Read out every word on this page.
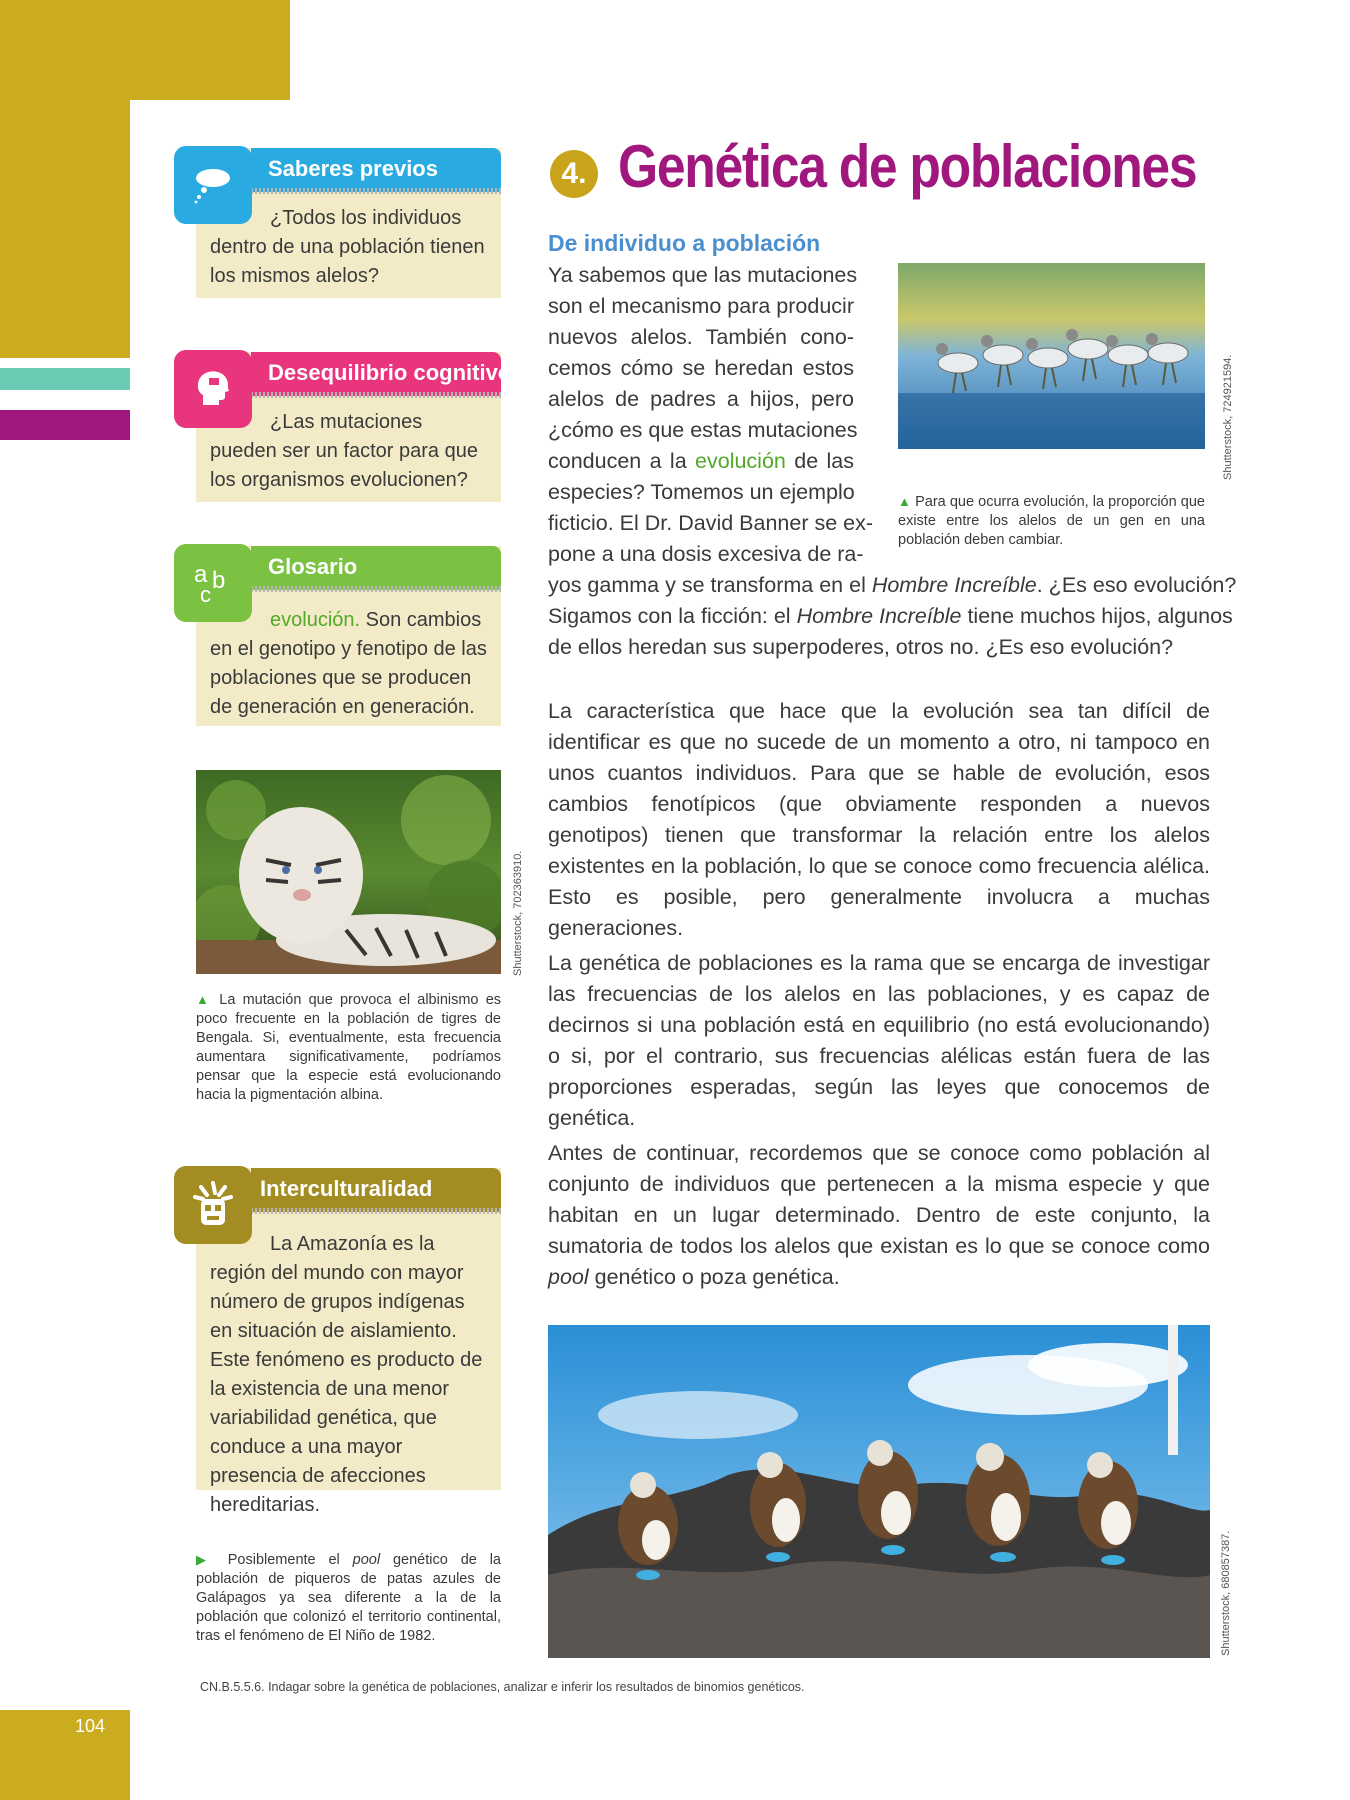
104
Saberes previos
¿Todos los individuos dentro de una población tienen los mismos alelos?
Desequilibrio cognitivo
¿Las mutaciones pueden ser un factor para que los organismos evolucionen?
Glosario
a b
c
evolución. Son cambios en el genotipo y fenotipo de las poblaciones que se producen de generación en generación.
Shutterstock, 702363910.
▲ La mutación que provoca el albinismo es poco frecuente en la población de tigres de Bengala. Si, eventualmente, esta frecuencia aumentara significativamente, podríamos pensar que la especie está evolucionando hacia la pigmentación albina.
Interculturalidad
La Amazonía es la región del mundo con mayor número de grupos indígenas en situación de aislamiento. Este fenómeno es producto de la existencia de una menor variabilidad genética, que conduce a una mayor presencia de afecciones hereditarias.
▶ Posiblemente el pool genético de la población de piqueros de patas azules de Galápagos ya sea diferente a la de la población que colonizó el territorio continental, tras el fenómeno de El Niño de 1982.
4. Genética de poblaciones
De individuo a población
Ya sabemos que las mutaciones
son el mecanismo para producir
nuevos alelos. También cono-
cemos cómo se heredan estos
alelos de padres a hijos, pero
¿cómo es que estas mutaciones
conducen a la evolución de las
especies? Tomemos un ejemplo
ficticio. El Dr. David Banner se ex-
pone a una dosis excesiva de ra-
yos gamma y se transforma en el Hombre Increíble. ¿Es eso evolución?
Sigamos con la ficción: el Hombre Increíble tiene muchos hijos, algunos
de ellos heredan sus superpoderes, otros no. ¿Es eso evolución?
Shutterstock, 724921594.
▲ Para que ocurra evolución, la proporción que existe entre los alelos de un gen en una población deben cambiar.
La característica que hace que la evolución sea tan difícil de identificar es que no sucede de un momento a otro, ni tampoco en unos cuantos individuos. Para que se hable de evolución, esos cambios fenotípicos (que obviamente responden a nuevos genotipos) tienen que transformar la relación entre los alelos existentes en la población, lo que se conoce como frecuencia alélica. Esto es posible, pero generalmente involucra a muchas generaciones.
La genética de poblaciones es la rama que se encarga de investigar las frecuencias de los alelos en las poblaciones, y es capaz de decirnos si una población está en equilibrio (no está evolucionando) o si, por el contrario, sus frecuencias alélicas están fuera de las proporciones esperadas, según las leyes que conocemos de genética.
Antes de continuar, recordemos que se conoce como población al conjunto de individuos que pertenecen a la misma especie y que habitan en un lugar determinado. Dentro de este conjunto, la sumatoria de todos los alelos que existan es lo que se conoce como pool genético o poza genética.
Shutterstock, 680857387.
CN.B.5.5.6. Indagar sobre la genética de poblaciones, analizar e inferir los resultados de binomios genéticos.
